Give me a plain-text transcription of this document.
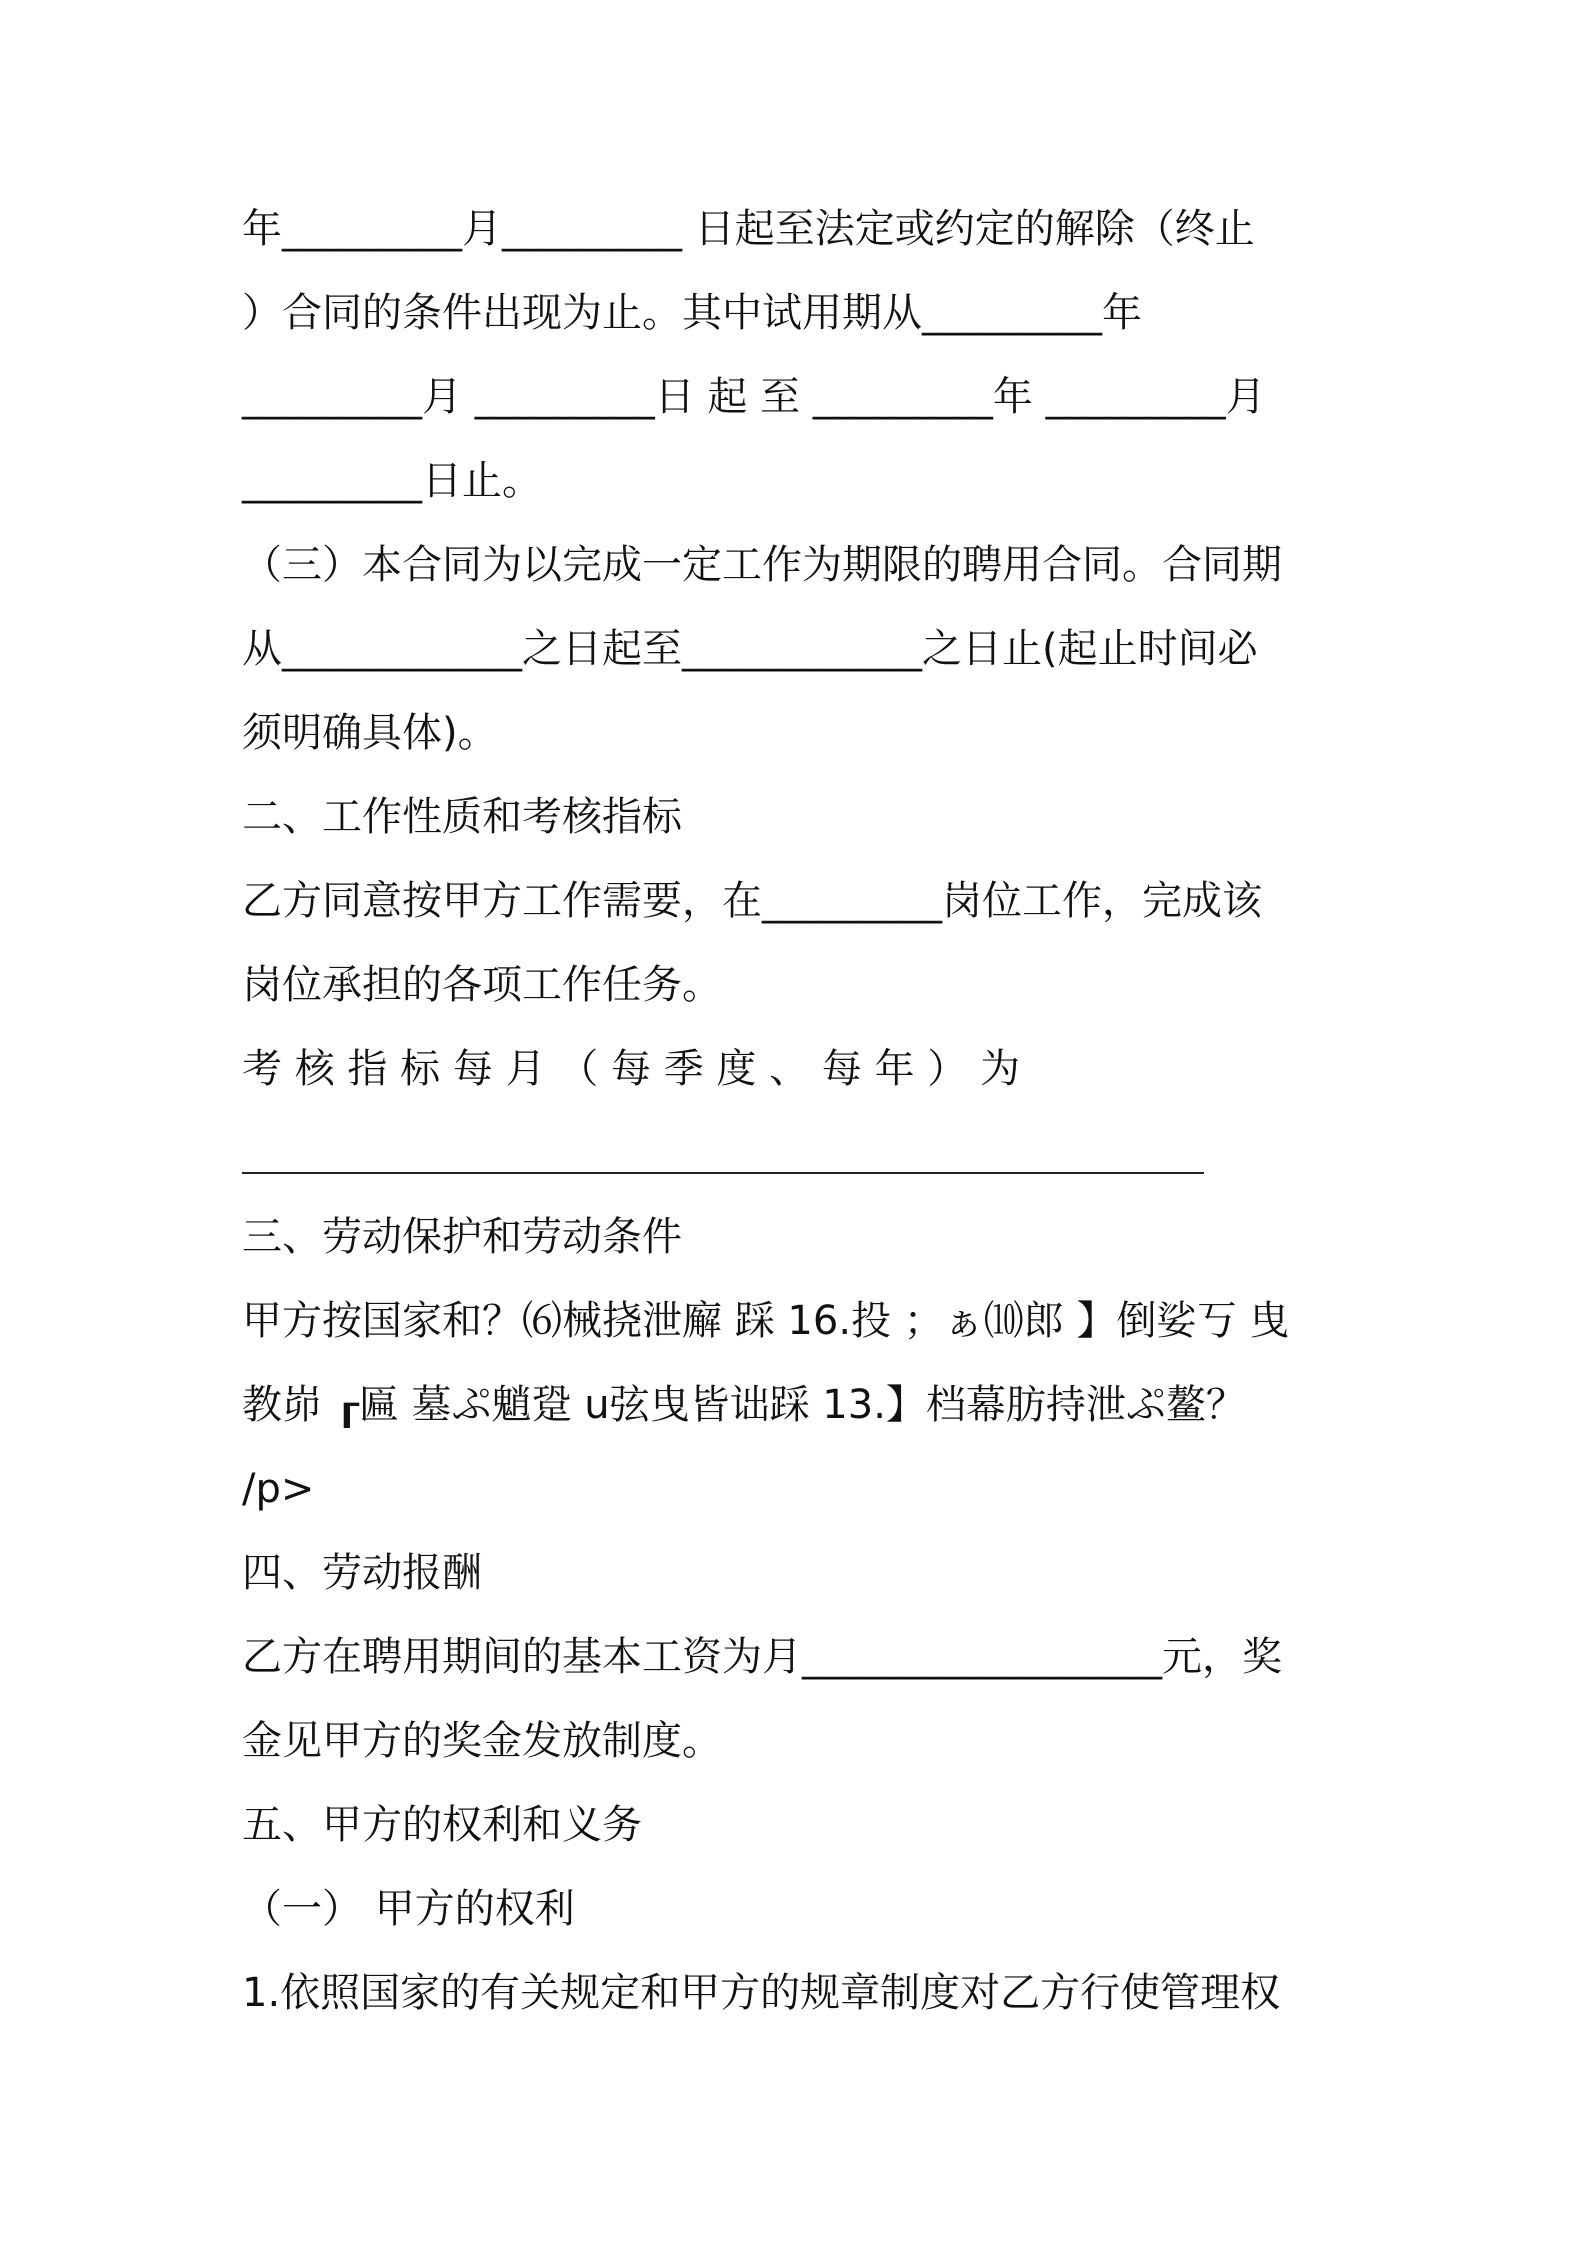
年_________月_________ 日起至法定或约定的解除（终止
）合同的条件出现为止。其中试用期从_________年
_________月 _________日 起 至 _________年 _________月
_________日止。
（三）本合同为以完成一定工作为期限的聘用合同。合同期
从____________之日起至____________之日止(起止时间必
须明确具体)。
二、工作性质和考核指标
乙方同意按甲方工作需要，在_________岗位工作，完成该
岗位承担的各项工作任务。
考 核 指 标 每 月 （ 每 季 度 、 每 年 ） 为
三、劳动保护和劳动条件
甲方按国家和？⑹械挠泄廨 踩 16.投 ；ぁ⑽郎 】倒娑丂 曳
教峁 ┎匾 墓ぷ魈跫 u弦曳皆诎踩 13.】档幕肪持泄ぷ鳌？
/p>
四、劳动报酬
乙方在聘用期间的基本工资为月__________________元，奖
金见甲方的奖金发放制度。
五、甲方的权利和义务
（一） 甲方的权利
1.依照国家的有关规定和甲方的规章制度对乙方行使管理权
